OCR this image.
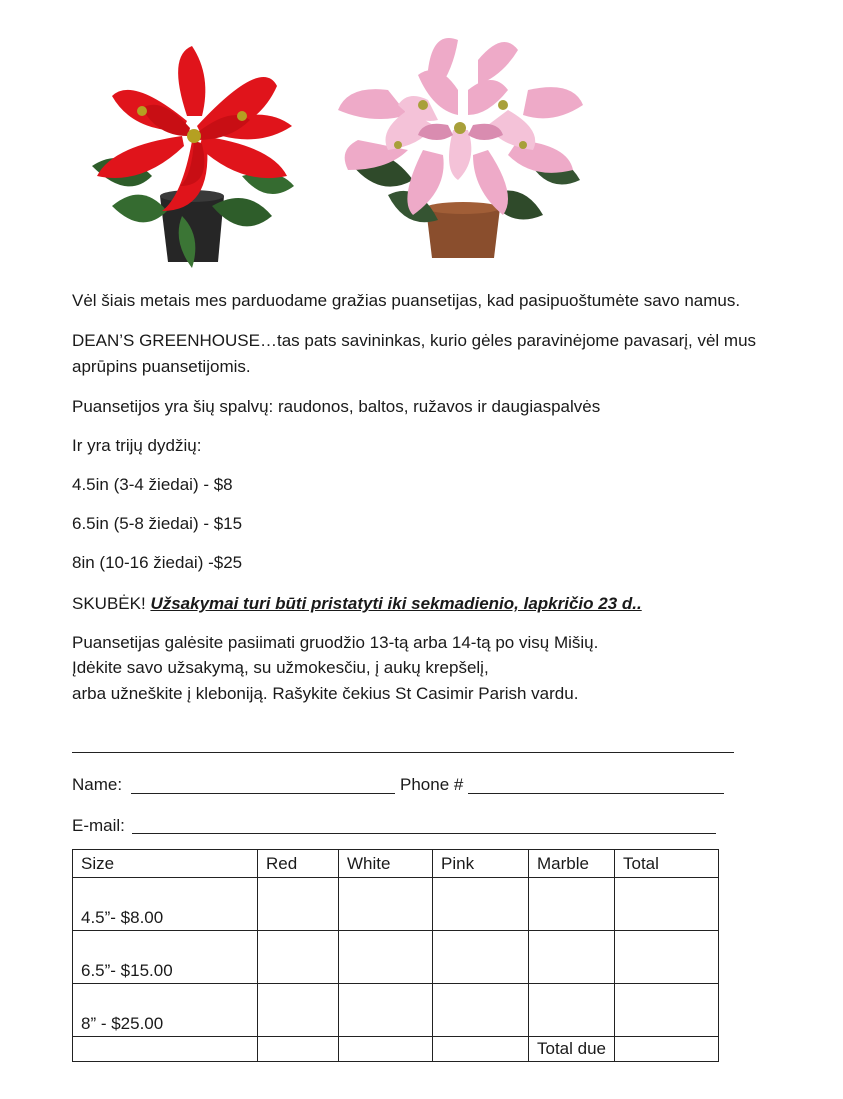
Vėl šiais metais mes parduodame gražias puansetijas, kad pasipuoštumėte savo namus.

DEAN’S GREENHOUSE…tas pats savininkas, kurio gėles paravinėjome pavasarį, vėl mus

aprūpins puansetijomis.

Puansetijos yra šių spalvų: raudonos, baltos, ružavos ir daugiaspalvės

Ir yra trijų dydžių:

4.5in (3-4 žiedai) - $8

6.5in (5-8 žiedai) - $15

8in (10-16 žiedai) -$25

SKUBĖK! Užsakymai turi būti pristatyti iki sekmadienio, lapkričio 23 d..

Puansetijas galėsite pasiimati gruodžio 13-tą arba 14-tą po visų Mišių.

Įdėkite savo užsakymą, su užmokesčiu, į aukų krepšelį,

arba užneškite į kleboniją. Rašykite čekius St Casimir Parish vardu.

Name:	Phone #

E-mail:

Size	Red	White	Pink	Marble	Total
4.5”- $8.00					
6.5”- $15.00					
8” - $25.00					
				Total due	
